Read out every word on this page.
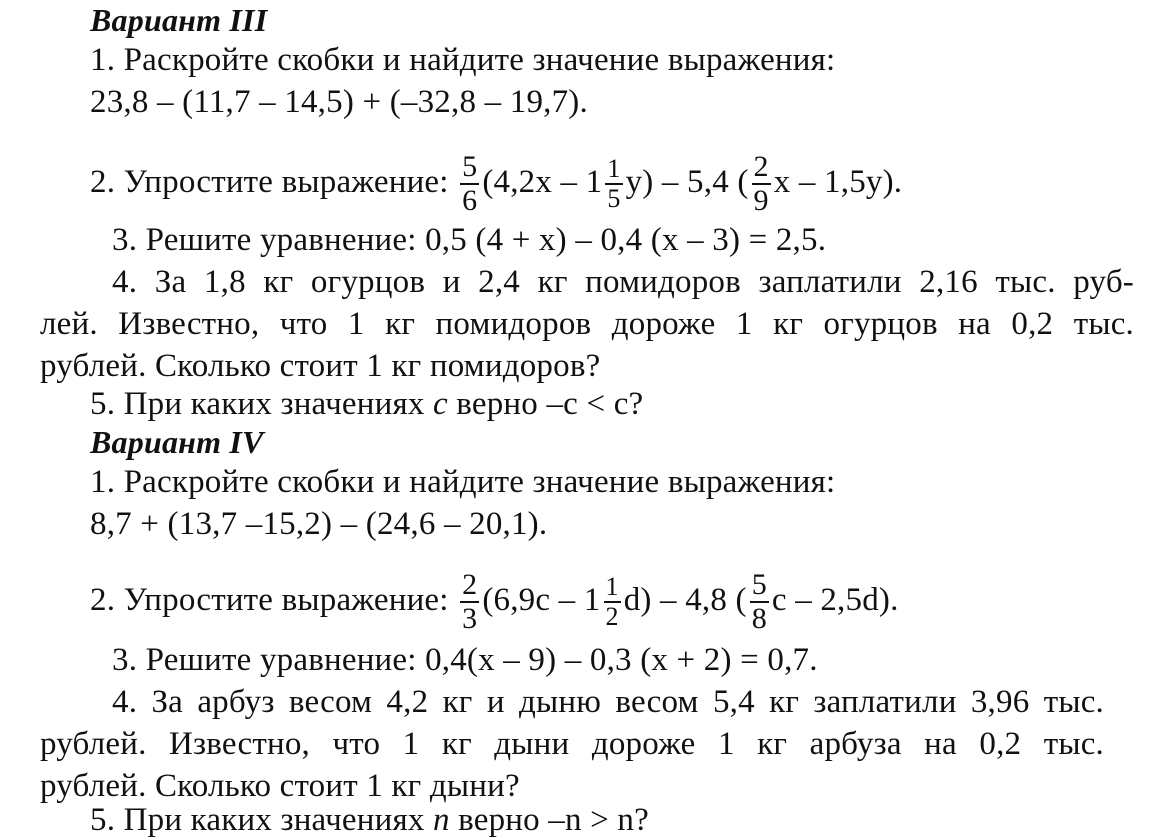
Вариант III
1. Раскройте скобки и найдите значение выражения:
23,8 – (11,7 – 14,5) + (–32,8 – 19,7).
2. Упростите выражение: $\frac{5}{6} (4,2x - 1 \frac{1}{5} y) - 5,4$ ( $\frac{2}{9}$ x – 1,5y).
3. Решите уравнение: 0,5 (4 + x) – 0,4 (x – 3) = 2,5.
4. За 1,8 кг огурцов и 2,4 кг помидоров заплатили 2,16 тыс. руб-
лей. Известно, что 1 кг помидоров дороже 1 кг огурцов на 0,2 тыс.
рублей. Сколько стоит 1 кг помидоров?
5. При каких значениях c верно –c < c?
Вариант IV
1. Раскройте скобки и найдите значение выражения:
8,7 + (13,7 –15,2) – (24,6 – 20,1).
2. Упростите выражение: $\frac{2}{3} (6,9c - 1 \frac{1}{2} d) - 4,8$ ( $\frac{5}{8}$ c – 2,5d).
3. Решите уравнение: 0,4(x – 9) – 0,3 (x + 2) = 0,7.
4. За арбуз весом 4,2 кг и дыню весом 5,4 кг заплатили 3,96 тыс.
рублей. Известно, что 1 кг дыни дороже 1 кг арбуза на 0,2 тыс.
рублей. Сколько стоит 1 кг дыни?
5. При каких значениях n верно –n > n?
